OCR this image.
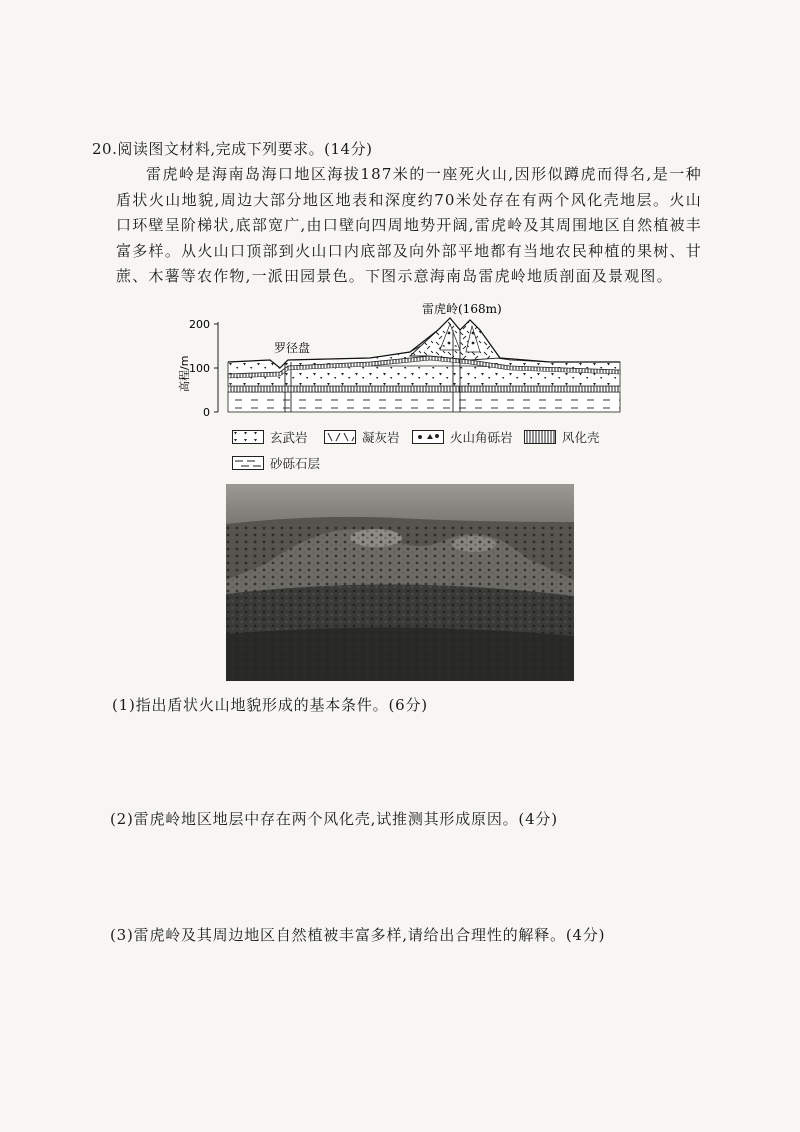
20.阅读图文材料,完成下列要求。(14分)
雷虎岭是海南岛海口地区海拔187米的一座死火山,因形似蹲虎而得名,是一种盾状火山地貌,周边大部分地区地表和深度约70米处存在有两个风化壳地层。火山口环壁呈阶梯状,底部宽广,由口壁向四周地势开阔,雷虎岭及其周围地区自然植被丰富多样。从火山口顶部到火山口内底部及向外部平地都有当地农民种植的果树、甘蔗、木薯等农作物,一派田园景色。下图示意海南岛雷虎岭地质剖面及景观图。
200
100
0
高程/m
罗径盘
雷虎岭(168m)
玄武岩	凝灰岩	火山角砾岩	风化壳
砂砾石层
(1)指出盾状火山地貌形成的基本条件。(6分)
(2)雷虎岭地区地层中存在两个风化壳,试推测其形成原因。(4分)
(3)雷虎岭及其周边地区自然植被丰富多样,请给出合理性的解释。(4分)
